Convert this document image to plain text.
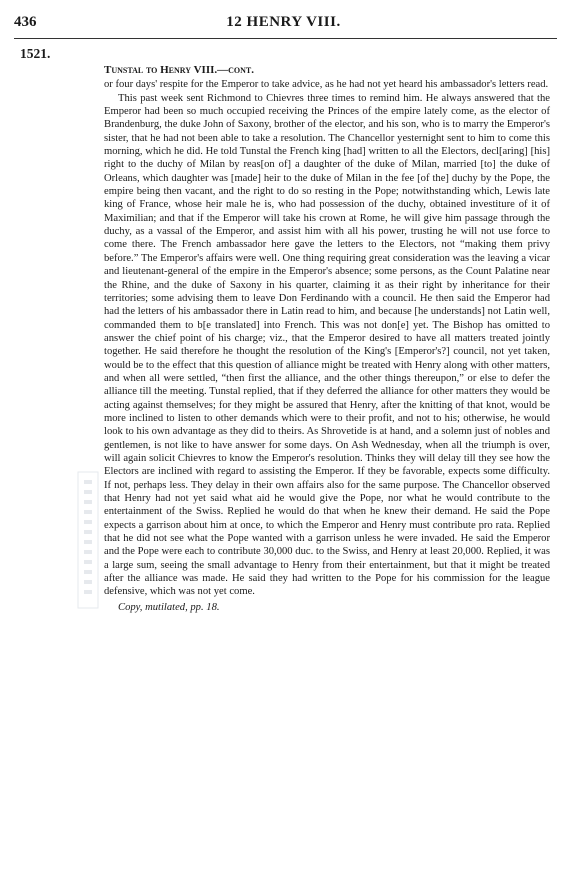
436	12 HENRY VIII.
1521.

Tunstal to Henry VIII.—cont.

or four days' respite for the Emperor to take advice, as he had not yet heard his ambassador's letters read.

This past week sent Richmond to Chievres three times to remind him. He always answered that the Emperor had been so much occupied receiving the Princes of the empire lately come, as the elector of Brandenburg, the duke John of Saxony, brother of the elector, and his son, who is to marry the Emperor's sister, that he had not been able to take a resolution. The Chancellor yesternight sent to him to come this morning, which he did. He told Tunstal the French king [had] written to all the Electors, decl[aring] [his] right to the duchy of Milan by reas[on of] a daughter of the duke of Milan, married [to] the duke of Orleans, which daughter was [made] heir to the duke of Milan in the fee [of the] duchy by the Pope, the empire being then vacant, and the right to do so resting in the Pope; notwithstanding which, Lewis late king of France, whose heir male he is, who had possession of the duchy, obtained investiture of it of Maximilian; and that if the Emperor will take his crown at Rome, he will give him passage through the duchy, as a vassal of the Emperor, and assist him with all his power, trusting he will not use force to come there. The French ambassador here gave the letters to the Electors, not “making them privy before.” The Emperor's affairs were well. One thing requiring great consideration was the leaving a vicar and lieutenant-general of the empire in the Emperor's absence; some persons, as the Count Palatine near the Rhine, and the duke of Saxony in his quarter, claiming it as their right by inheritance for their territories; some advising them to leave Don Ferdinando with a council. He then said the Emperor had had the letters of his ambassador there in Latin read to him, and because [he understands] not Latin well, commanded them to b[e translated] into French. This was not don[e] yet. The Bishop has omitted to answer the chief point of his charge; viz., that the Emperor desired to have all matters treated jointly together. He said therefore he thought the resolution of the King's [Emperor's?] council, not yet taken, would be to the effect that this question of alliance might be treated with Henry along with other matters, and when all were settled, “then first the alliance, and the other things thereupon,” or else to defer the alliance till the meeting. Tunstal replied, that if they deferred the alliance for other matters they would be acting against themselves; for they might be assured that Henry, after the knitting of that knot, would be more inclined to listen to other demands which were to their profit, and not to his; otherwise, he would look to his own advantage as they did to theirs. As Shrovetide is at hand, and a solemn just of nobles and gentlemen, is not like to have answer for some days. On Ash Wednesday, when all the triumph is over, will again solicit Chievres to know the Emperor's resolution. Thinks they will delay till they see how the Electors are inclined with regard to assisting the Emperor. If they be favorable, expects some difficulty. If not, perhaps less. They delay in their own affairs also for the same purpose. The Chancellor observed that Henry had not yet said what aid he would give the Pope, nor what he would contribute to the entertainment of the Swiss. Replied he would do that when he knew their demand. He said the Pope expects a garrison about him at once, to which the Emperor and Henry must contribute pro rata. Replied that he did not see what the Pope wanted with a garrison unless he were invaded. He said the Emperor and the Pope were each to contribute 30,000 duc. to the Swiss, and Henry at least 20,000. Replied, it was a large sum, seeing the small advantage to Henry from their entertainment, but that it might be treated after the alliance was made. He said they had written to the Pope for his commission for the league defensive, which was not yet come.

Copy, mutilated, pp. 18.
